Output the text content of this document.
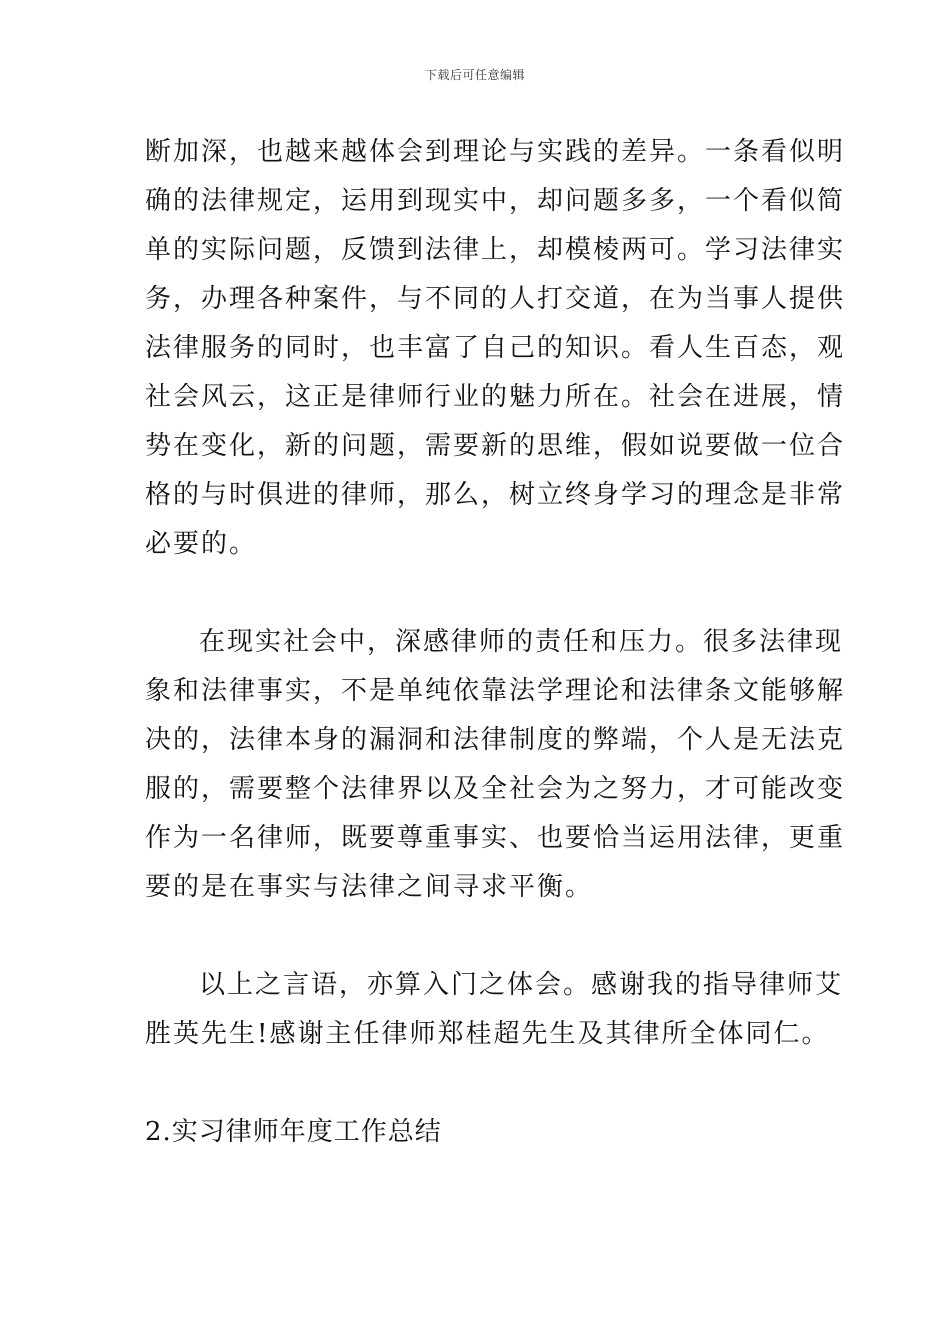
下载后可任意编辑
断加深，也越来越体会到理论与实践的差异。一条看似明
确的法律规定，运用到现实中，却问题多多，一个看似简
单的实际问题，反馈到法律上，却模棱两可。学习法律实
务，办理各种案件，与不同的人打交道，在为当事人提供
法律服务的同时，也丰富了自己的知识。看人生百态，观
社会风云，这正是律师行业的魅力所在。社会在进展，情
势在变化，新的问题，需要新的思维，假如说要做一位合
格的与时俱进的律师，那么，树立终身学习的理念是非常
必要的。
在现实社会中，深感律师的责任和压力。很多法律现
象和法律事实，不是单纯依靠法学理论和法律条文能够解
决的，法律本身的漏洞和法律制度的弊端，个人是无法克
服的，需要整个法律界以及全社会为之努力，才可能改变
作为一名律师，既要尊重事实、也要恰当运用法律，更重
要的是在事实与法律之间寻求平衡。
以上之言语，亦算入门之体会。感谢我的指导律师艾
胜英先生!感谢主任律师郑桂超先生及其律所全体同仁。
2.实习律师年度工作总结
